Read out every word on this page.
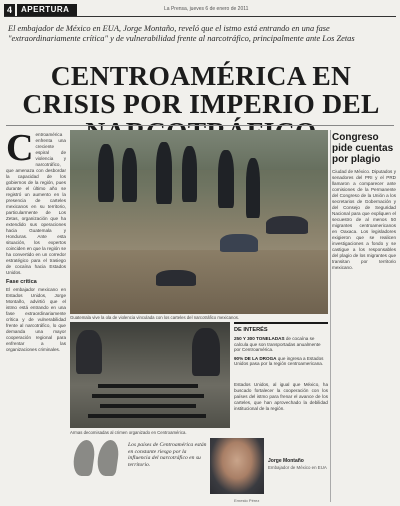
4	APERTURA	La Prensa, jueves 6 de enero de 2011
El embajador de México en EUA, Jorge Montaño, reveló que el istmo está entrando en una fase "extraordinariamente crítica" y de vulnerabilidad frente al narcotráfico, principalmente ante Los Zetas
CENTROAMÉRICA EN CRISIS POR IMPERIO DEL
C entroamérica enfrenta una creciente espiral de violencia y narcotráfico, que amenaza con desbordar la capacidad de los gobiernos de la región, pues durante el último año se registró un aumento en la presencia de carteles mexicanos en su territorio, particularmente de Los Zetas, organización que ha extendido sus operaciones hacia Guatemala y Honduras. Ante esta situación, los expertos coinciden en que la región se ha convertido en un corredor estratégico para el trasiego de cocaína hacia Estados Unidos.
Fase crítica
El embajador mexicano en Estados Unidos, Jorge Montaño, advirtió que el istmo está entrando en una fase extraordinariamente crítica y de vulnerabilidad frente al narcotráfico, lo que demanda una mayor cooperación regional para enfrentar a las organizaciones criminales.
Guatemala vive la ola de violencia vinculada con los carteles del narcotráfico mexicanos.
Armas decomisadas al crimen organizado en Centroamérica.
DE INTERÉS
250 Y 300 TONELADAS de cocaína se calcula que son transportadas anualmente por Centroamérica.
90% DE LA DROGA que ingresa a Estados Unidos pasa por la región centroamericana.
Estados Unidos, al igual que México, ha buscado fortalecer la cooperación con los países del istmo para frenar el avance de los carteles, que han aprovechado la debilidad institucional de la región.
Los países de Centroamérica están en constante riesgo por la influencia del narcotráfico en su territorio.
Jorge Montaño
Embajador de México en EUA
Congreso pide cuentas por plagio
Ciudad de México. Diputados y senadores del PRI y el PRD llamaron a comparecer ante comisiones de la Permanente del Congreso de la Unión a los secretarios de Gobernación y del Consejo de Seguridad Nacional para que expliquen el secuestro de al menos 50 migrantes centroamericanos en Oaxaca. Los legisladores exigieron que se realicen investigaciones a fondo y se castigue a los responsables del plagio de los migrantes que transitan por territorio mexicano.
Ernesto Pérez
